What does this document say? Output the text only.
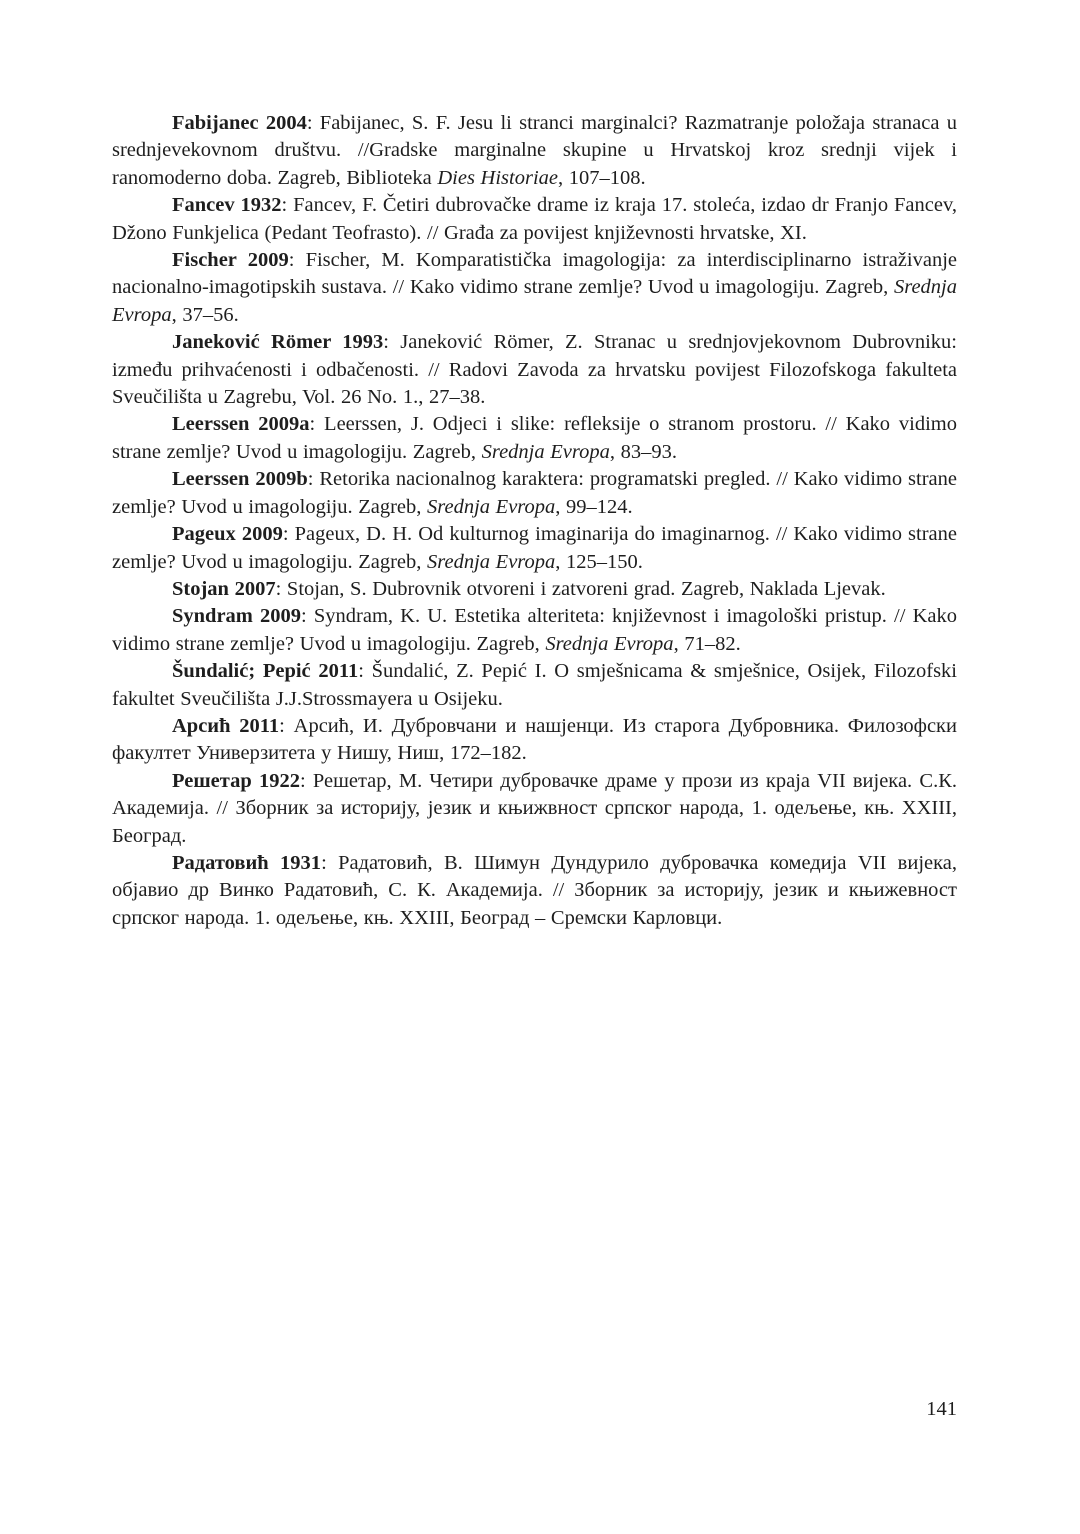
Fabijanec 2004: Fabijanec, S. F. Jesu li stranci marginalci? Razmatranje položaja stranaca u srednjevekovnom društvu. //Gradske marginalne skupine u Hrvatskoj kroz srednji vijek i ranomoderno doba. Zagreb, Biblioteka Dies Historiae, 107–108.

Fancev 1932: Fancev, F. Četiri dubrovačke drame iz kraja 17. stoleća, izdao dr Franjo Fancev, Džono Funkjelica (Pedant Teofrasto). // Građa za povijest književnosti hrvatske, XI.

Fischer 2009: Fischer, M. Komparatistička imagologija: za interdisciplinarno istraživanje nacionalno-imagotipskih sustava. // Kako vidimo strane zemlje? Uvod u imagologiju. Zagreb, Srednja Evropa, 37–56.

Janeković Römer 1993: Janeković Römer, Z. Stranac u srednjovjekovnom Dubrovniku: između prihvaćenosti i odbačenosti. // Radovi Zavoda za hrvatsku povijest Filozofskoga fakulteta Sveučilišta u Zagrebu, Vol. 26 No. 1., 27–38.

Leerssen 2009a: Leerssen, J. Odjeci i slike: refleksije o stranom prostoru. // Kako vidimo strane zemlje? Uvod u imagologiju. Zagreb, Srednja Evropa, 83–93.

Leerssen 2009b: Retorika nacionalnog karaktera: programatski pregled. // Kako vidimo strane zemlje? Uvod u imagologiju. Zagreb, Srednja Evropa, 99–124.

Pageux 2009: Pageux, D. H. Od kulturnog imaginarija do imaginarnog. // Kako vidimo strane zemlje? Uvod u imagologiju. Zagreb, Srednja Evropa, 125–150.

Stojan 2007: Stojan, S. Dubrovnik otvoreni i zatvoreni grad. Zagreb, Naklada Ljevak.

Syndram 2009: Syndram, K. U. Estetika alteriteta: književnost i imagološki pristup. // Kako vidimo strane zemlje? Uvod u imagologiju. Zagreb, Srednja Evropa, 71–82.

Šundalić; Pepić 2011: Šundalić, Z. Pepić I. O smješnicama & smješnice, Osijek, Filozofski fakultet Sveučilišta J.J.Strossmayera u Osijeku.

Арсић 2011: Арсић, И. Дубровчани и нашјенци. Из старога Дубровника. Филозофски факултет Универзитета у Нишу, Ниш, 172–182.

Решетар 1922: Решетар, М. Четири дубровачке драме у прози из краја VII вијека. С.К. Академија. // Зборник за историју, језик и књижвност српског народа, 1. одељење, књ. XXIII, Београд.

Радатовић 1931: Радатовић, В. Шимун Дундурило дубровачка комедија VII вијека, објавио др Винко Радатовић, С. К. Академија. // Зборник за историју, језик и књижевност српског народа. 1. одељење, књ. XXIII, Београд – Сремски Карловци.

141
